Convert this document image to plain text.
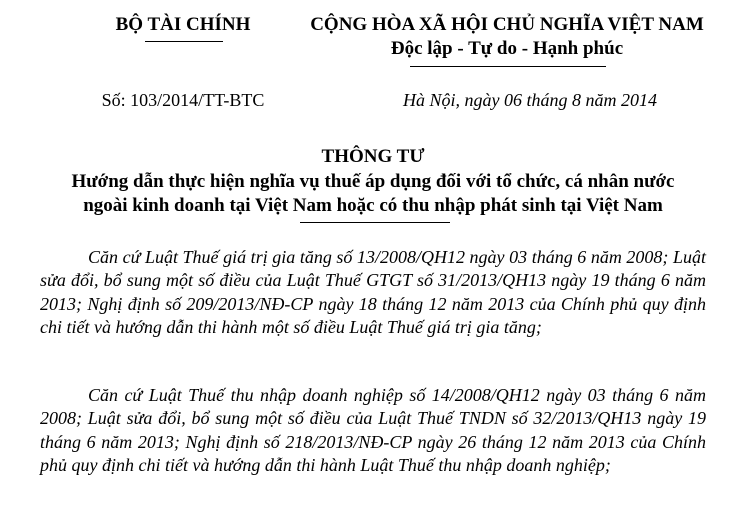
BỘ TÀI CHÍNH	CỘNG HÒA XÃ HỘI CHỦ NGHĨA VIỆT NAM
Độc lập - Tự do - Hạnh phúc
Số: 103/2014/TT-BTC	Hà Nội, ngày 06 tháng 8 năm 2014
THÔNG TƯ
Hướng dẫn thực hiện nghĩa vụ thuế áp dụng đối với tổ chức, cá nhân nước
ngoài kinh doanh tại Việt Nam hoặc có thu nhập phát sinh tại Việt Nam

Căn cứ Luật Thuế giá trị gia tăng số 13/2008/QH12 ngày 03 tháng 6 năm 2008; Luật sửa đổi, bổ sung một số điều của Luật Thuế GTGT số 31/2013/QH13 ngày 19 tháng 6 năm 2013; Nghị định số 209/2013/NĐ-CP ngày 18 tháng 12 năm 2013 của Chính phủ quy định chi tiết và hướng dẫn thi hành một số điều Luật Thuế giá trị gia tăng;

Căn cứ Luật Thuế thu nhập doanh nghiệp số 14/2008/QH12 ngày 03 tháng 6 năm 2008; Luật sửa đổi, bổ sung một số điều của Luật Thuế TNDN số 32/2013/QH13 ngày 19 tháng 6 năm 2013; Nghị định số 218/2013/NĐ-CP ngày 26 tháng 12 năm 2013 của Chính phủ quy định chi tiết và hướng dẫn thi hành Luật Thuế thu nhập doanh nghiệp;
